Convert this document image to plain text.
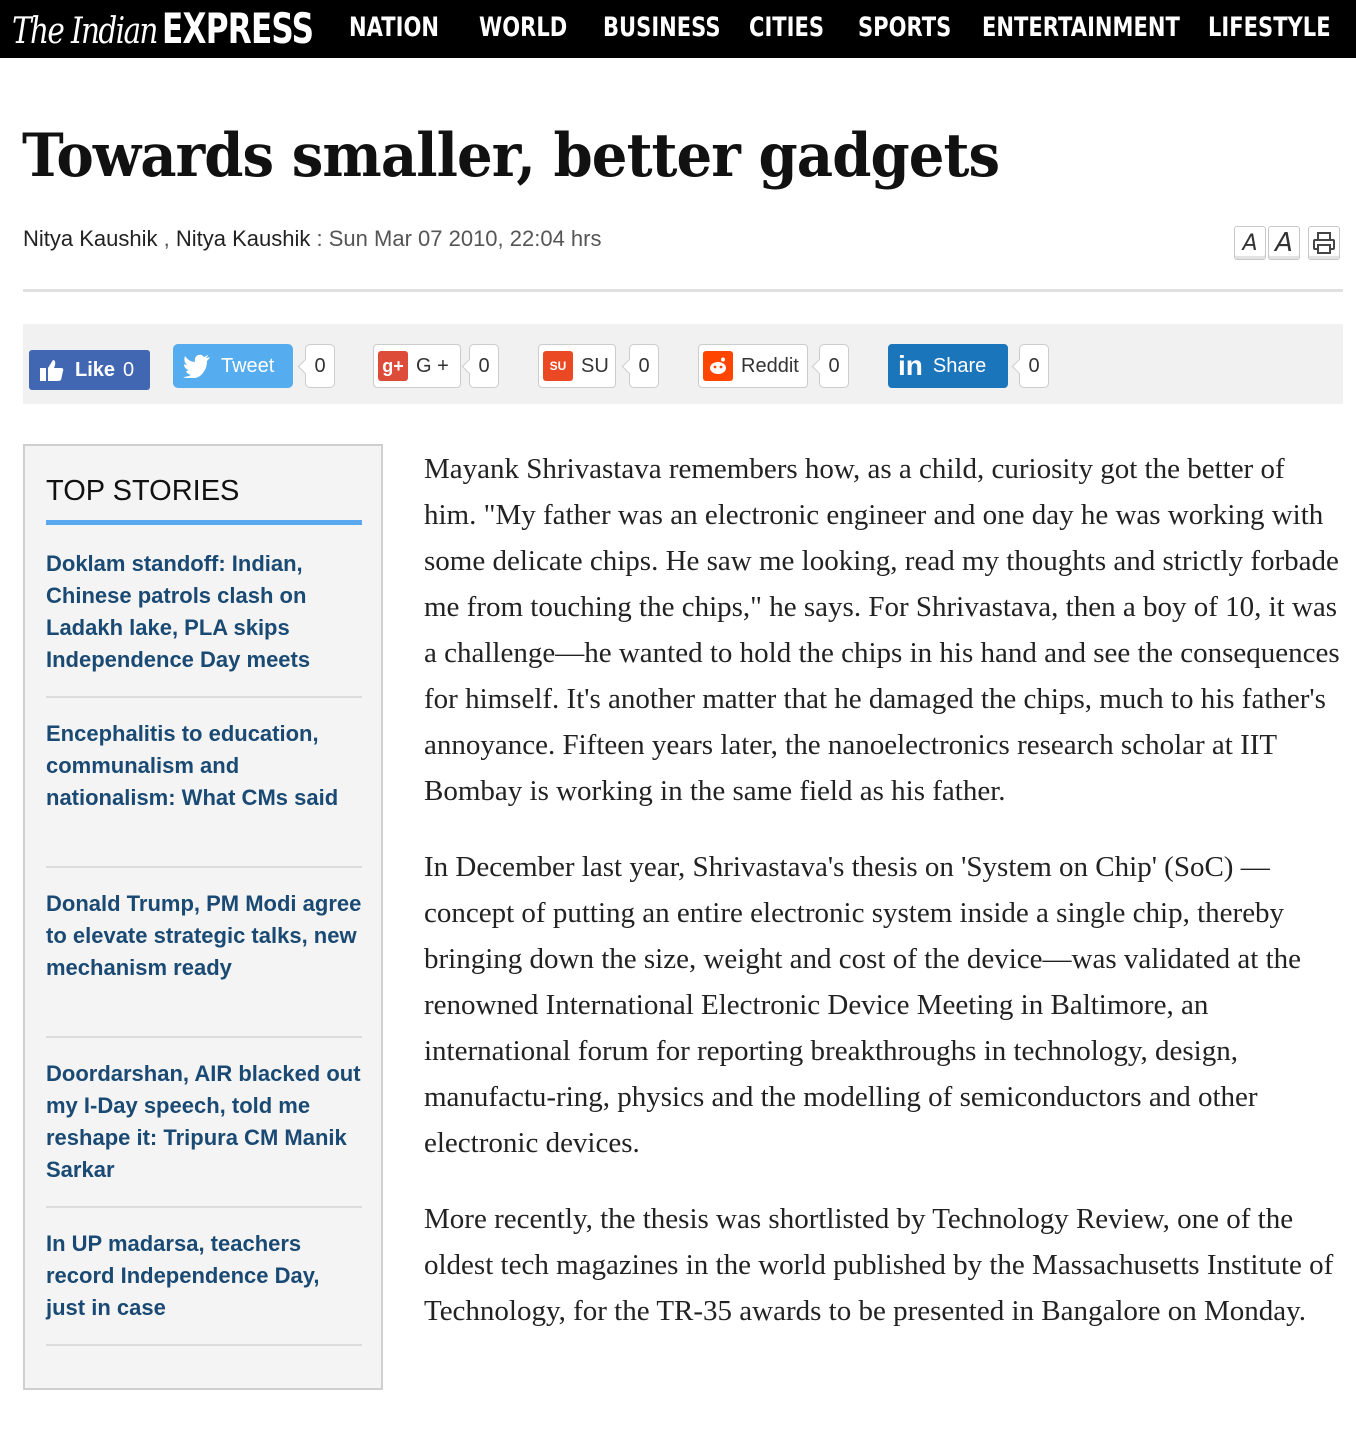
The Indian EXPRESS NATION WORLD BUSINESS CITIES SPORTS ENTERTAINMENT LIFESTYLE
Towards smaller, better gadgets
Nitya Kaushik , Nitya Kaushik : Sun Mar 07 2010, 22:04 hrs	A A
Like 0	Tweet	0	g+ G +	0	SU SU	0	Reddit	0	in Share	0
TOP STORIES
Doklam standoff: Indian, Chinese patrols clash on Ladakh lake, PLA skips Independence Day meets
Encephalitis to education, communalism and nationalism: What CMs said
Donald Trump, PM Modi agree to elevate strategic talks, new mechanism ready
Doordarshan, AIR blacked out my I-Day speech, told me reshape it: Tripura CM Manik Sarkar
In UP madarsa, teachers record Independence Day, just in case

Mayank Shrivastava remembers how, as a child, curiosity got the better of him. "My father was an electronic engineer and one day he was working with some delicate chips. He saw me looking, read my thoughts and strictly forbade me from touching the chips," he says. For Shrivastava, then a boy of 10, it was a challenge—he wanted to hold the chips in his hand and see the consequences for himself. It's another matter that he damaged the chips, much to his father's annoyance. Fifteen years later, the nanoelectronics research scholar at IIT Bombay is working in the same field as his father.

In December last year, Shrivastava's thesis on 'System on Chip' (SoC) — concept of putting an entire electronic system inside a single chip, thereby bringing down the size, weight and cost of the device—was validated at the renowned International Electronic Device Meeting in Baltimore, an international forum for reporting breakthroughs in technology, design, manufactu-ring, physics and the modelling of semiconductors and other electronic devices.

More recently, the thesis was shortlisted by Technology Review, one of the oldest tech magazines in the world published by the Massachusetts Institute of Technology, for the TR-35 awards to be presented in Bangalore on Monday.
